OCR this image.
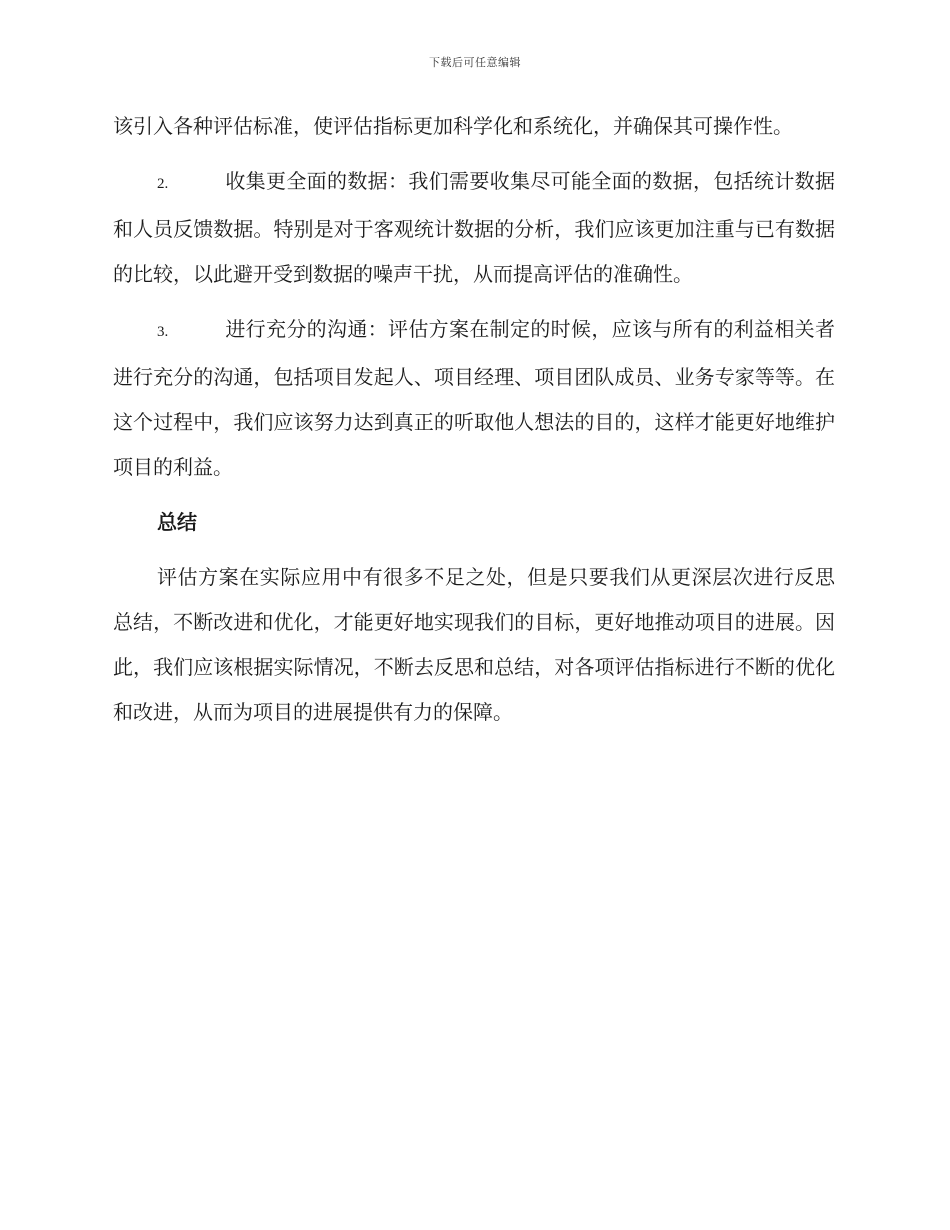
下载后可任意编辑

该引入各种评估标准，使评估指标更加科学化和系统化，并确保其可操作性。

2.	收集更全面的数据：我们需要收集尽可能全面的数据，包括统计数据和人员反馈数据。特别是对于客观统计数据的分析，我们应该更加注重与已有数据的比较，以此避开受到数据的噪声干扰，从而提高评估的准确性。

3.	进行充分的沟通：评估方案在制定的时候，应该与所有的利益相关者进行充分的沟通，包括项目发起人、项目经理、项目团队成员、业务专家等等。在这个过程中，我们应该努力达到真正的听取他人想法的目的，这样才能更好地维护项目的利益。

总结

评估方案在实际应用中有很多不足之处，但是只要我们从更深层次进行反思总结，不断改进和优化，才能更好地实现我们的目标，更好地推动项目的进展。因此，我们应该根据实际情况，不断去反思和总结，对各项评估指标进行不断的优化和改进，从而为项目的进展提供有力的保障。
